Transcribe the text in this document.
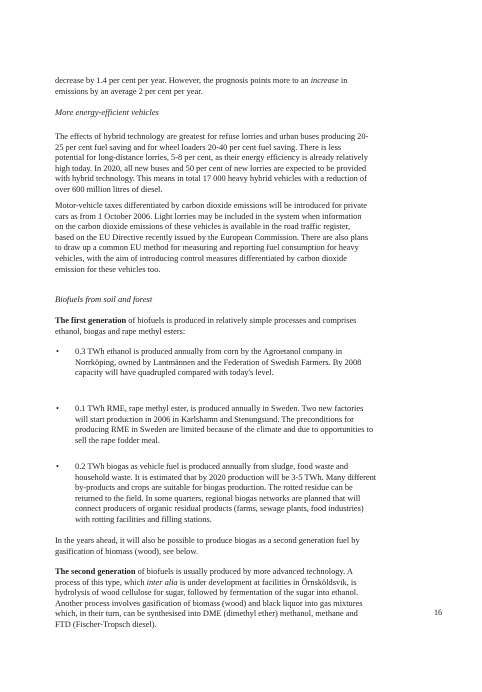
decrease by 1.4 per cent per year. However, the prognosis points more to an increase in
emissions by an average 2 per cent per year.

More energy-efficient vehicles

The effects of hybrid technology are greatest for refuse lorries and urban buses producing 20-
25 per cent fuel saving and for wheel loaders 20-40 per cent fuel saving. There is less
potential for long-distance lorries, 5-8 per cent, as their energy efficiency is already relatively
high today. In 2020, all new buses and 50 per cent of new lorries are expected to be provided
with hybrid technology. This means in total 17 000 heavy hybrid vehicles with a reduction of
over 600 million litres of diesel.

Motor-vehicle taxes differentiated by carbon dioxide emissions will be introduced for private
cars as from 1 October 2006. Light lorries may be included in the system when information
on the carbon dioxide emissions of these vehicles is available in the road traffic register,
based on the EU Directive recently issued by the European Commission. There are also plans
to draw up a common EU method for measuring and reporting fuel consumption for heavy
vehicles, with the aim of introducing control measures differentiated by carbon dioxide
emission for these vehicles too.

Biofuels from soil and forest

The first generation of biofuels is produced in relatively simple processes and comprises
ethanol, biogas and rape methyl esters:

• 0.3 TWh ethanol is produced annually from corn by the Agroetanol company in
Norrköping, owned by Lantmännen and the Federation of Swedish Farmers. By 2008
capacity will have quadrupled compared with today's level.

• 0.1 TWh RME, rape methyl ester, is produced annually in Sweden. Two new factories
will start production in 2006 in Karlshamn and Stenungsund. The preconditions for
producing RME in Sweden are limited because of the climate and due to opportunities to
sell the rape fodder meal.

• 0.2 TWh biogas as vehicle fuel is produced annually from sludge, food waste and
household waste. It is estimated that by 2020 production will be 3-5 TWh. Many different
by-products and crops are suitable for biogas production. The rotted residue can be
returned to the field. In some quarters, regional biogas networks are planned that will
connect producers of organic residual products (farms, sewage plants, food industries)
with rotting facilities and filling stations.

In the years ahead, it will also be possible to produce biogas as a second generation fuel by
gasification of biomass (wood), see below.

The second generation of biofuels is usually produced by more advanced technology. A
process of this type, which inter alia is under development at facilities in Örnsköldsvik, is
hydrolysis of wood cellulose for sugar, followed by fermentation of the sugar into ethanol.
Another process involves gasification of biomass (wood) and black liquor into gas mixtures
which, in their turn, can be synthesised into DME (dimethyl ether) methanol, methane and
FTD (Fischer-Tropsch diesel).

16
